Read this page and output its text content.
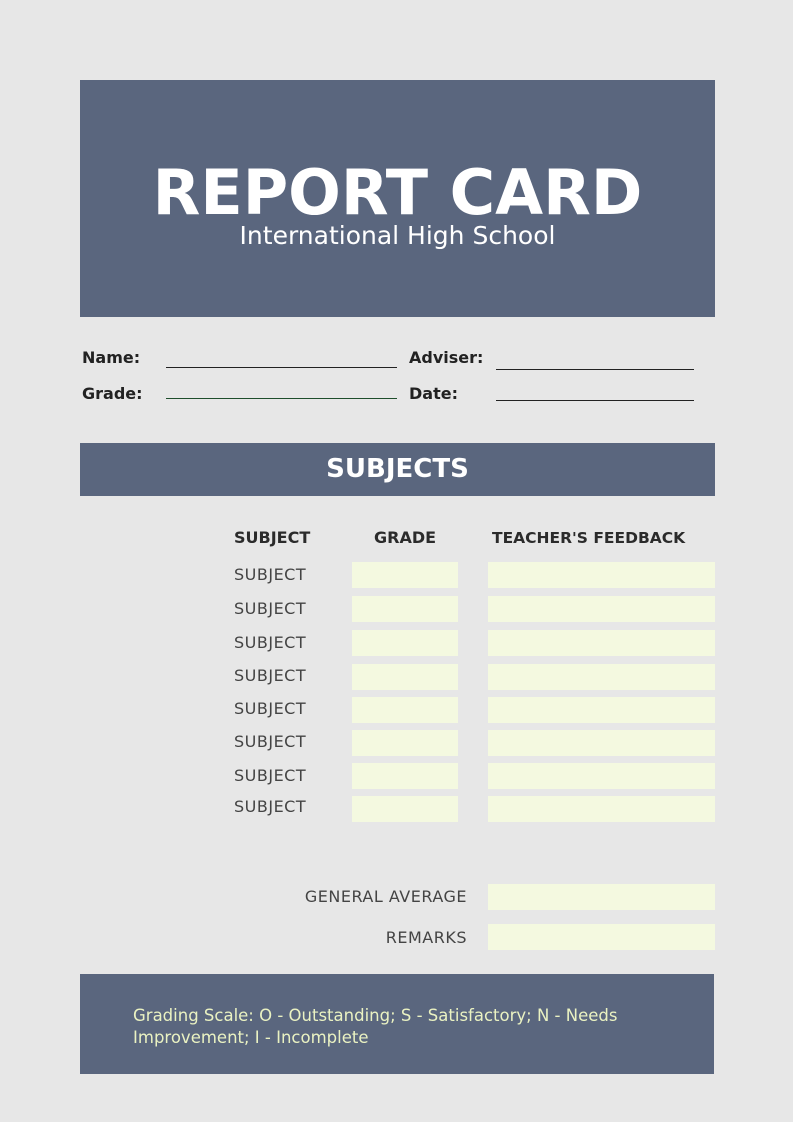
REPORT CARD
International High School
Name:
Grade:
Adviser:
Date:
SUBJECTS
SUBJECT	GRADE	TEACHER'S FEEDBACK
SUBJECT
SUBJECT
SUBJECT
SUBJECT
SUBJECT
SUBJECT
SUBJECT
SUBJECT
GENERAL AVERAGE
REMARKS
Grading Scale: O - Outstanding; S - Satisfactory; N - Needs Improvement; I - Incomplete
